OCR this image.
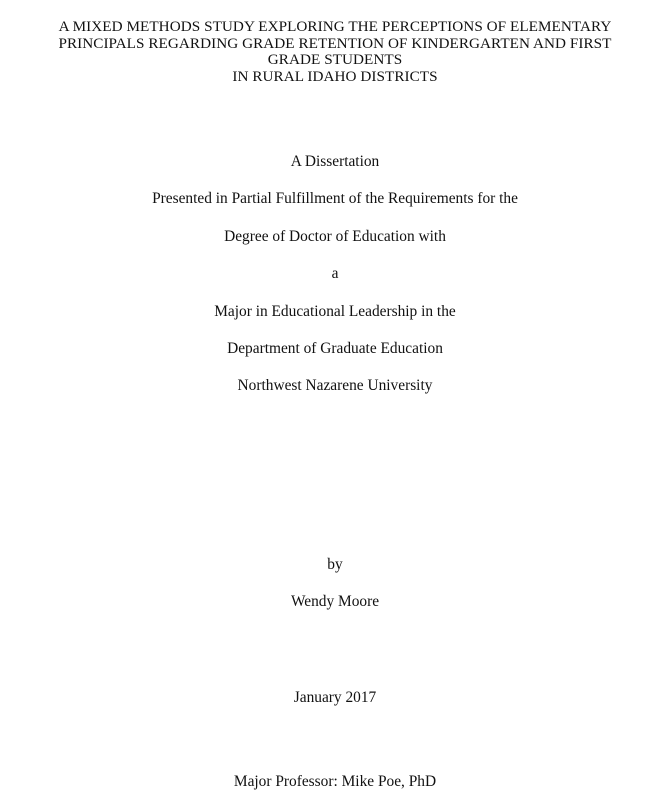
A MIXED METHODS STUDY EXPLORING THE PERCEPTIONS OF ELEMENTARY
PRINCIPALS REGARDING GRADE RETENTION OF KINDERGARTEN AND FIRST
GRADE STUDENTS
IN RURAL IDAHO DISTRICTS
A Dissertation
Presented in Partial Fulfillment of the Requirements for the
Degree of Doctor of Education with
a
Major in Educational Leadership in the
Department of Graduate Education
Northwest Nazarene University
by
Wendy Moore
January 2017
Major Professor: Mike Poe, PhD
